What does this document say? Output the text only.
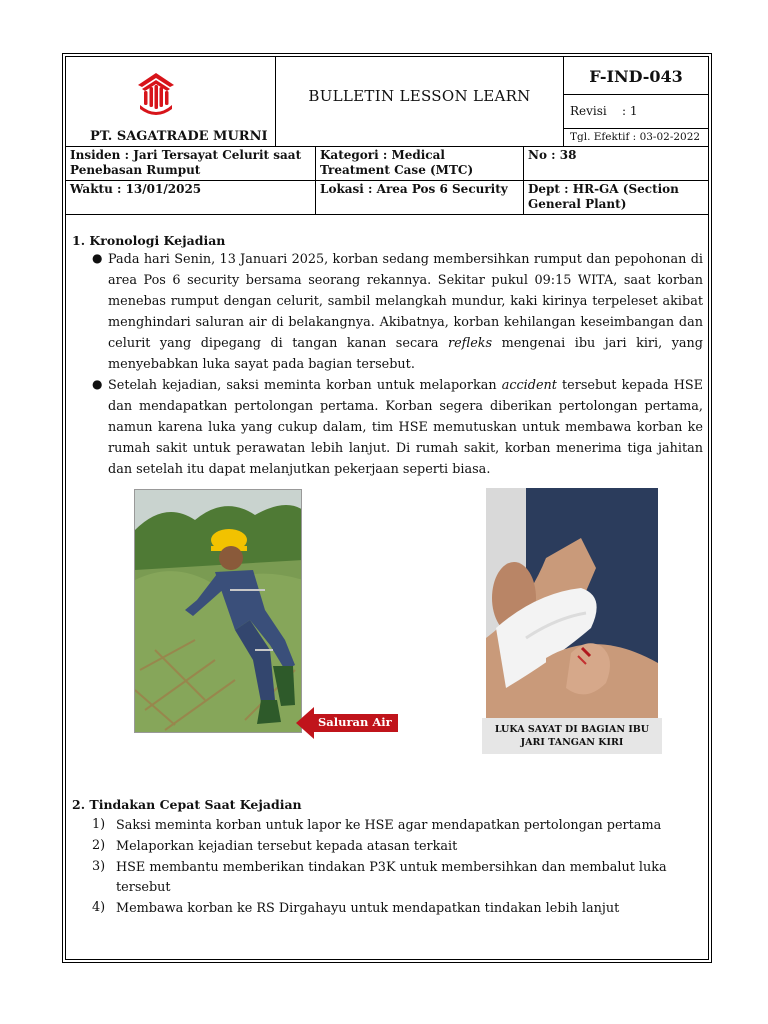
PT. SAGATRADE MURNI
BULLETIN LESSON LEARN
F-IND-043
Revisi    : 1
Tgl. Efektif : 03-02-2022
Insiden : Jari Tersayat Celurit saat Penebasan Rumput
Kategori : Medical Treatment Case (MTC)
No : 38
Waktu : 13/01/2025	Lokasi : Area Pos 6 Security	Dept : HR-GA (Section General Plant)
1. Kronologi Kejadian
● Pada hari Senin, 13 Januari 2025, korban sedang membersihkan rumput dan pepohonan di area Pos 6 security bersama seorang rekannya. Sekitar pukul 09:15 WITA, saat korban menebas rumput dengan celurit, sambil melangkah mundur, kaki kirinya terpeleset akibat menghindari saluran air di belakangnya. Akibatnya, korban kehilangan keseimbangan dan celurit yang dipegang di tangan kanan secara refleks mengenai ibu jari kiri, yang menyebabkan luka sayat pada bagian tersebut.
● Setelah kejadian, saksi meminta korban untuk melaporkan accident tersebut kepada HSE dan mendapatkan pertolongan pertama. Korban segera diberikan pertolongan pertama, namun karena luka yang cukup dalam, tim HSE memutuskan untuk membawa korban ke rumah sakit untuk perawatan lebih lanjut. Di rumah sakit, korban menerima tiga jahitan dan setelah itu dapat melanjutkan pekerjaan seperti biasa.
Saluran Air
LUKA SAYAT DI BAGIAN IBU JARI TANGAN KIRI
2. Tindakan Cepat Saat Kejadian
1) Saksi meminta korban untuk lapor ke HSE agar mendapatkan pertolongan pertama
2) Melaporkan kejadian tersebut kepada atasan terkait
3) HSE membantu memberikan tindakan P3K untuk membersihkan dan membalut luka tersebut
4) Membawa korban ke RS Dirgahayu untuk mendapatkan tindakan lebih lanjut
